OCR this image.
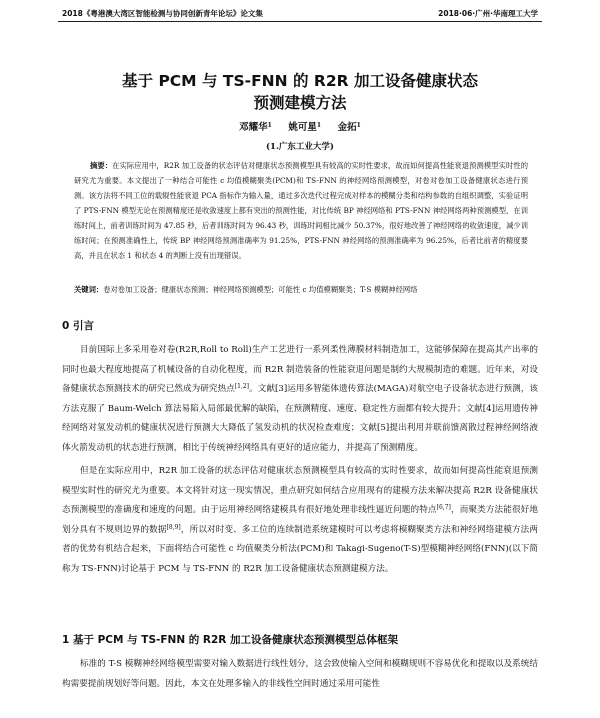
2018《粤港澳大湾区智能检测与协同创新青年论坛》论文集	2018·06·广州·华南理工大学
基于 PCM 与 TS-FNN 的 R2R 加工设备健康状态
预测建模方法
邓耀华$^1$ 姚可星$^1$ 金拓$^1$
(1.广东工业大学)
摘要：在实际应用中，R2R 加工设备的状态评估对健康状态预测模型具有较高的实时性要求，故而如何提高性能衰退预测模型实时性的研究尤为重要。本文提出了一种结合可能性 c 均值模糊聚类(PCM)和 TS-FNN 的神经网络预测模型，对卷对卷加工设备健康状态进行预测。该方法将不同工位的载辊性能衰退 PCA 指标作为输入量，通过多次迭代过程完成对样本的模糊分类和结构参数的自组织调整，实验证明了 PTS-FNN 模型无论在预测精度还是收敛速度上都有突出的预测性能，对比传统 BP 神经网络和 PTS-FNN 神经网络两种预测模型，在训练时间上，前者训练时间为 47.85 秒，后者训练时间为 96.43 秒，训练时间相比减少 50.37%，很好地改善了神经网络的收敛速度，减少训练时间；在预测准确性上，传统 BP 神经网络预测准确率为 91.25%，PTS-FNN 神经网络的预测准确率为 96.25%，后者比前者的精度要高，并且在状态 1 和状态 4 的判断上没有出现错误。
关键词：卷对卷加工设备；健康状态预测；神经网络预测模型；可能性 c 均值模糊聚类；T-S 模糊神经网络
0 引言

目前国际上多采用卷对卷(R2R,Roll to Roll)生产工艺进行一系列柔性薄膜材料制造加工，这能够保障在提高其产出率的同时也最大程度地提高了机械设备的自动化程度，而 R2R 制造装备的性能衰退问题是制约大规模制造的难题。近年来，对设备健康状态预测技术的研究已然成为研究热点[1,2]。文献[3]运用多智能体遗传算法(MAGA)对航空电子设备状态进行预测，该方法克服了 Baum-Welch 算法易陷入局部最优解的缺陷，在预测精度、速度、稳定性方面都有较大提升；文献[4]运用遗传神经网络对氢发动机的健康状况进行预测大大降低了氢发动机的状况检查难度；文献[5]提出利用并联前馈离散过程神经网络液体火箭发动机的状态进行预测，相比于传统神经网络具有更好的适应能力，并提高了预测精度。

但是在实际应用中，R2R 加工设备的状态评估对健康状态预测模型具有较高的实时性要求，故而如何提高性能衰退预测模型实时性的研究尤为重要。本文将针对这一现实情况，重点研究如何结合应用现有的建模方法来解决提高 R2R 设备健康状态预测模型的准确度和速度的问题。由于运用神经网络建模具有很好地处理非线性逼近问题的特点[6,7]，而聚类方法能很好地划分具有不规则边界的数据[8,9]，所以对时变、多工位的连续制造系统建模时可以考虑将模糊聚类方法和神经网络建模方法两者的优势有机结合起来，下面将结合可能性 c 均值聚类分析法(PCM)和 Takagi-Sugeno(T-S)型模糊神经网络(FNN)(以下简称为 TS-FNN)讨论基于 PCM 与 TS-FNN 的 R2R 加工设备健康状态预测建模方法。

1 基于 PCM 与 TS-FNN 的 R2R 加工设备健康状态预测模型总体框架

标准的 T-S 模糊神经网络模型需要对输入数据进行线性划分，这会致使输入空间和模糊规则不容易优化和提取以及系统结构需要提前规划好等问题。因此，本文在处理多输入的非线性空间时通过采用可能性
